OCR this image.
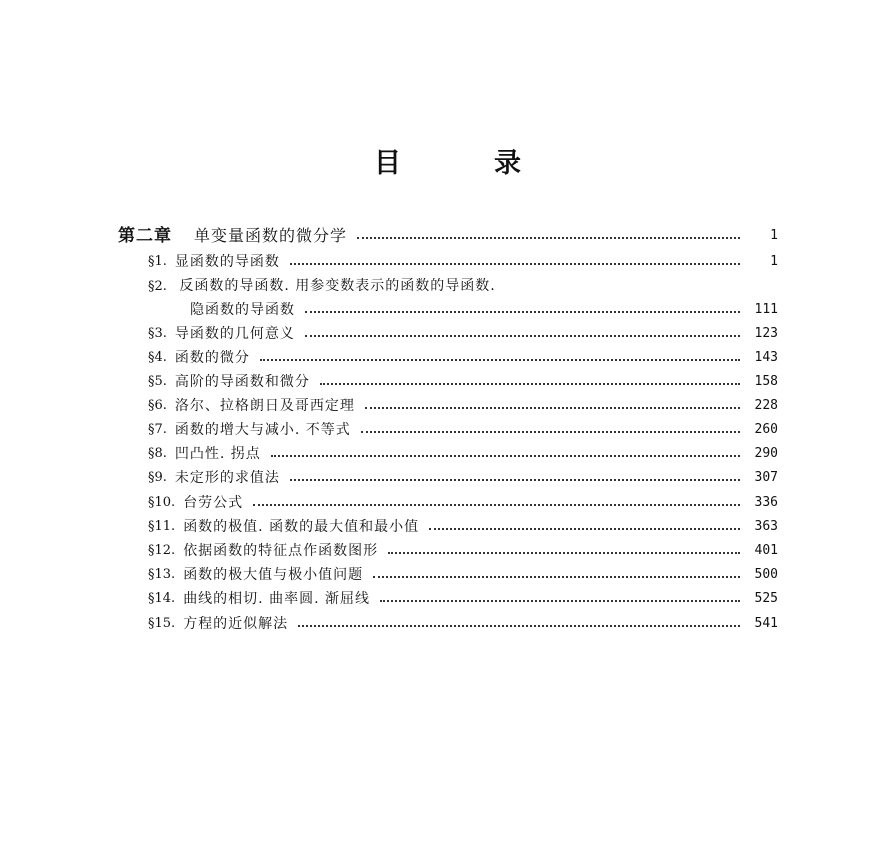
目	录
第二章 单变量函数的微分学	1
§1. 显函数的导函数	1
§2. 反函数的导函数. 用参变数表示的函数的导函数.
隐函数的导函数	111
§3. 导函数的几何意义	123
§4. 函数的微分	143
§5. 高阶的导函数和微分	158
§6. 洛尔、拉格朗日及哥西定理	228
§7. 函数的增大与减小. 不等式	260
§8. 凹凸性. 拐点	290
§9. 未定形的求值法	307
§10. 台劳公式	336
§11. 函数的极值. 函数的最大值和最小值	363
§12. 依据函数的特征点作函数图形	401
§13. 函数的极大值与极小值问题	500
§14. 曲线的相切. 曲率圆. 渐屈线	525
§15. 方程的近似解法	541
